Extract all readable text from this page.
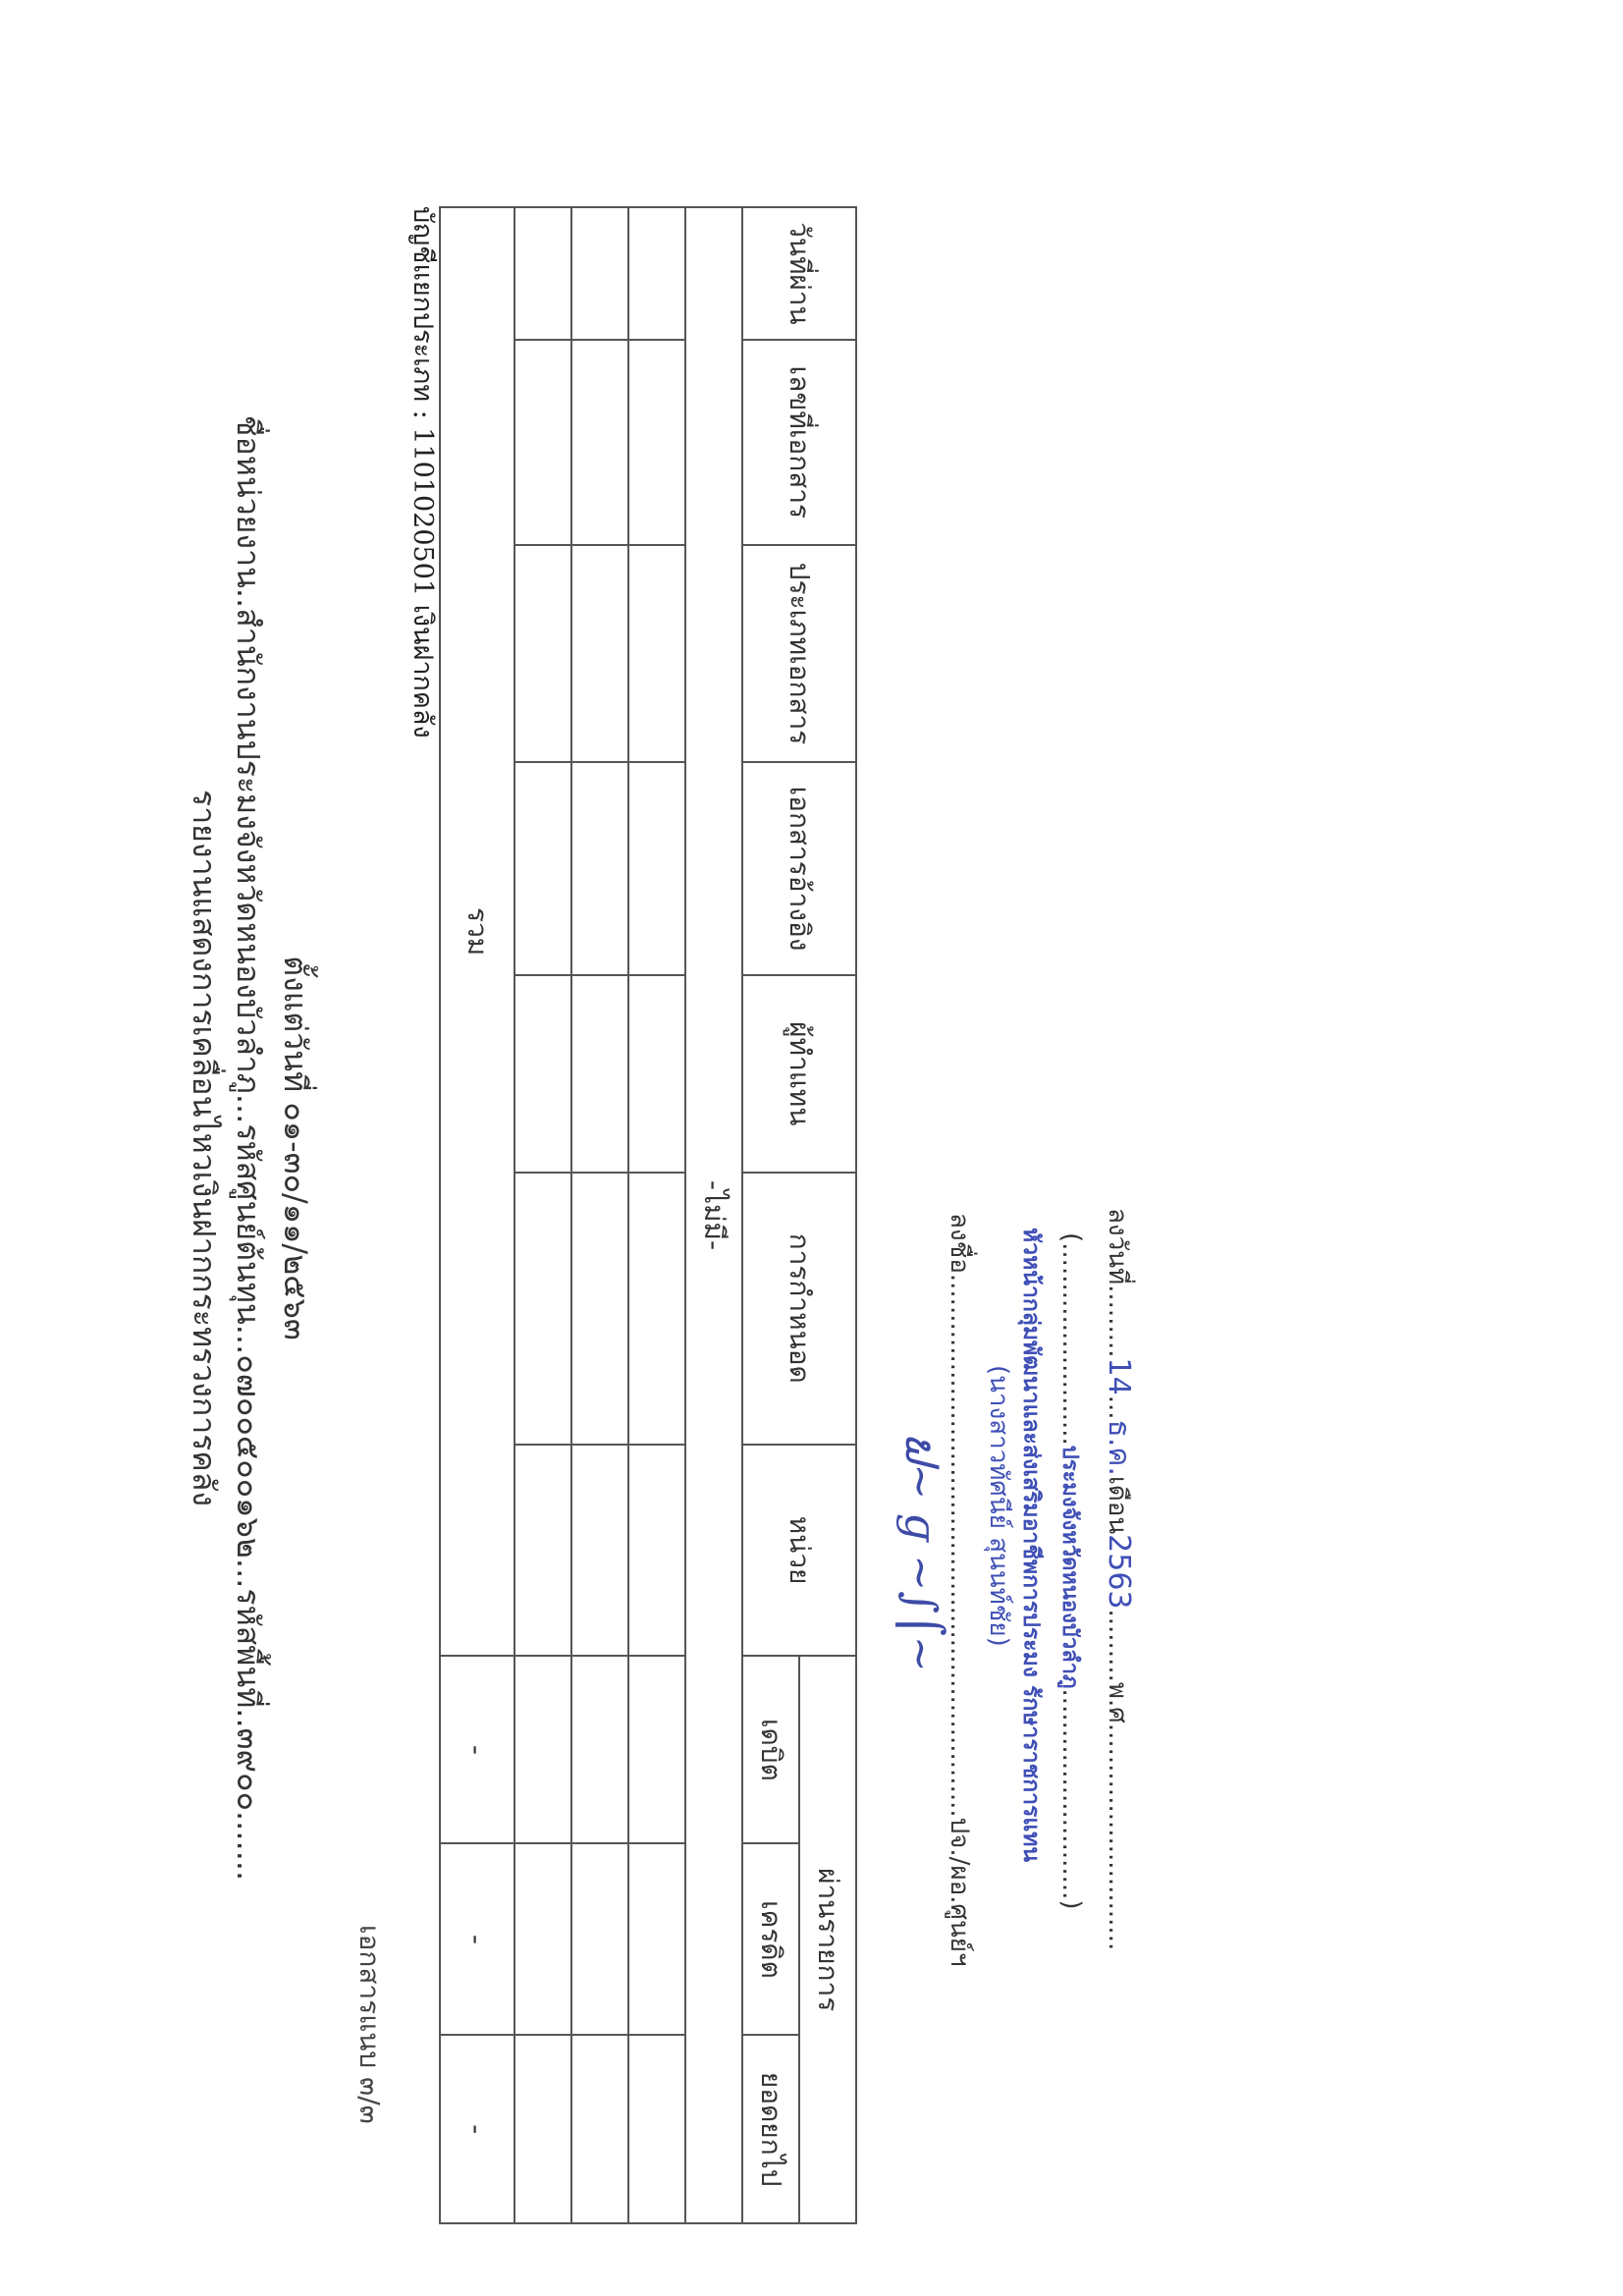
เอกสารแนบ ๓/๓
รายงานแสดงการเคลื่อนไหวเงินฝากกระทรวงการคลัง ชื่อหน่วยงาน..สำนักงานประมงจังหวัดหนองบัวลำภู...รหัสศูนย์ต้นทุน...๐๗๐๐๕๐๐๑๖๒...รหัสพื้นที่..๓๙๐๐....... ตั้งแต่วันที่ ๐๑-๓๐/๑๑/๒๕๖๓
บัญชีแยกประเภท : 1101020501 เงินฝากคลัง	วันที่ผ่าน	เลขที่เอกสาร	ประเภทเอกสาร	เอกสารอ้างอิง	ผู้ทำแทน	การกำหนอด	หน่วย	ผ่านรายการ		
							เดบิต	เครดิต	ยอดยกไป
-ไม่มี-									

รวม							-	-	-
ลงชื่อ...................................................................ปจ./ผอ.ศูนย์ฯ
ຟ~ ɡ ~∫⌠~ (นางสาวทัศนีย์ สุนนท์ชัย) หัวหน้ากลุ่มพัฒนาและส่งเสริมอาชีพการประมง รักษาราชการแทน (.........................ประมงจังหวัดหนองบัวลำภู..........................)
ลงวันที่.........14...ธ.ค.เดือน2563.........พ.ศ............................
